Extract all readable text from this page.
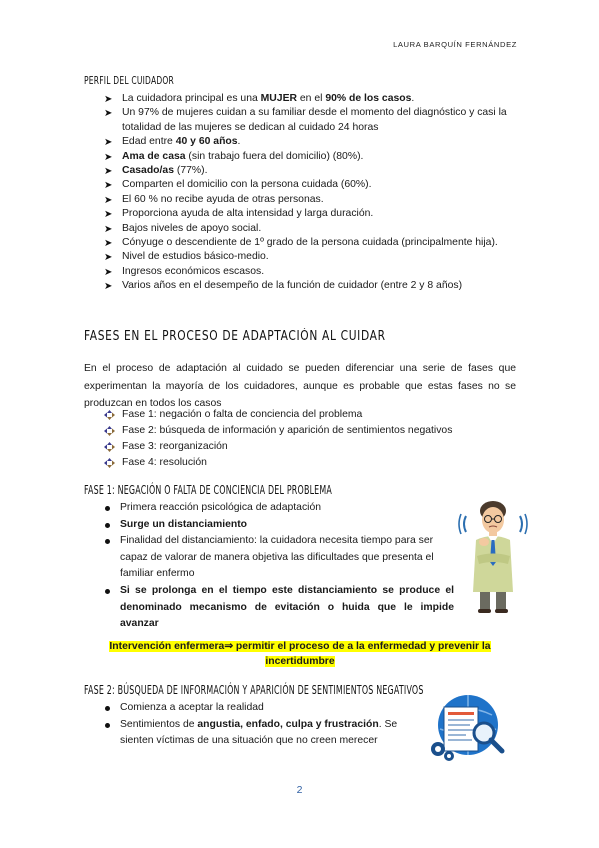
LAURA BARQUÍN FERNÁNDEZ
PERFIL DEL CUIDADOR
➤ La cuidadora principal es una MUJER en el 90% de los casos.
➤ Un 97% de mujeres cuidan a su familiar desde el momento del diagnóstico y casi la totalidad de las mujeres se dedican al cuidado 24 horas
➤ Edad entre 40 y 60 años.
➤ Ama de casa (sin trabajo fuera del domicilio) (80%).
➤ Casado/as (77%).
➤ Comparten el domicilio con la persona cuidada (60%).
➤ El 60 % no recibe ayuda de otras personas.
➤ Proporciona ayuda de alta intensidad y larga duración.
➤ Bajos niveles de apoyo social.
➤ Cónyuge o descendiente de 1º grado de la persona cuidada (principalmente hija).
➤ Nivel de estudios básico-medio.
➤ Ingresos económicos escasos.
➤ Varios años en el desempeño de la función de cuidador (entre 2 y 8 años)
FASES EN EL PROCESO DE ADAPTACIÓN AL CUIDAR

En el proceso de adaptación al cuidado se pueden diferenciar una serie de fases que experimentan la mayoría de los cuidadores, aunque es probable que estas fases no se produzcan en todos los casos

Fase 1: negación o falta de conciencia del problema
Fase 2: búsqueda de información y aparición de sentimientos negativos
Fase 3: reorganización
Fase 4: resolución
FASE 1: NEGACIÓN O FALTA DE CONCIENCIA DEL PROBLEMA
Primera reacción psicológica de adaptación
Surge un distanciamiento
Finalidad del distanciamiento: la cuidadora necesita tiempo para ser capaz de valorar de manera objetiva las dificultades que presenta el familiar enfermo
Si se prolonga en el tiempo este distanciamiento se produce el denominado mecanismo de evitación o huida que le impide avanzar
Intervención enfermera⇒ permitir el proceso de a la enfermedad y prevenir la incertidumbre
FASE 2: BÚSQUEDA DE INFORMACIÓN Y APARICIÓN DE SENTIMIENTOS NEGATIVOS
Comienza a aceptar la realidad
Sentimientos de angustia, enfado, culpa y frustración. Se sienten víctimas de una situación que no creen merecer
2
